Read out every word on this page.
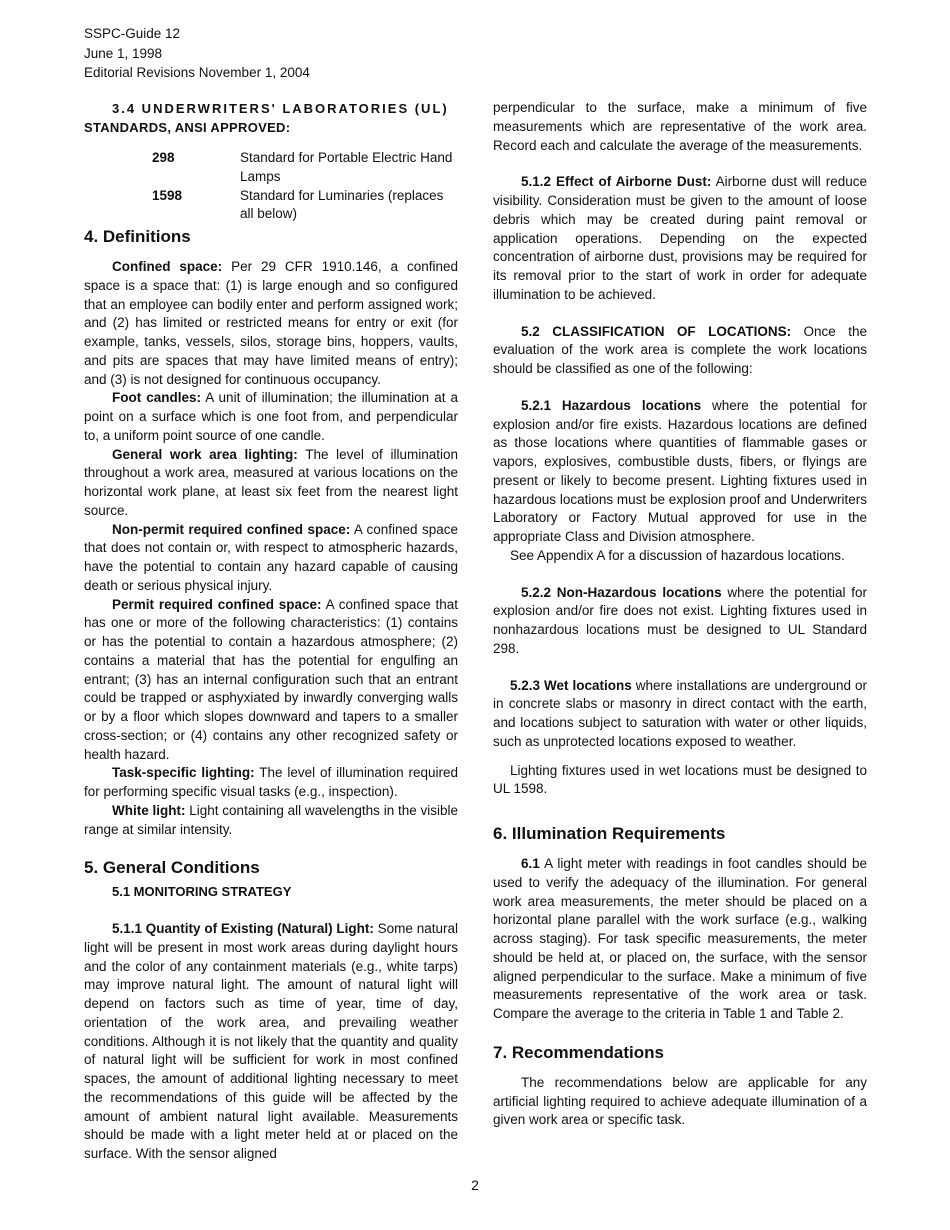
SSPC-Guide 12
June 1, 1998
Editorial Revisions November 1, 2004
3.4 UNDERWRITERS' LABORATORIES (UL)
STANDARDS, ANSI APPROVED:
298	Standard for Portable Electric Hand Lamps
1598	Standard for Luminaries (replaces all below)
4. Definitions

Confined space: Per 29 CFR 1910.146, a confined space is a space that: (1) is large enough and so configured that an employee can bodily enter and perform assigned work; and (2) has limited or restricted means for entry or exit (for example, tanks, vessels, silos, storage bins, hoppers, vaults, and pits are spaces that may have limited means of entry); and (3) is not designed for continuous occupancy.

Foot candles: A unit of illumination; the illumination at a point on a surface which is one foot from, and perpendicular to, a uniform point source of one candle.

General work area lighting: The level of illumination throughout a work area, measured at various locations on the horizontal work plane, at least six feet from the nearest light source.

Non-permit required confined space: A confined space that does not contain or, with respect to atmospheric hazards, have the potential to contain any hazard capable of causing death or serious physical injury.

Permit required confined space: A confined space that has one or more of the following characteristics: (1) contains or has the potential to contain a hazardous atmosphere; (2) contains a material that has the potential for engulfing an entrant; (3) has an internal configuration such that an entrant could be trapped or asphyxiated by inwardly converging walls or by a floor which slopes downward and tapers to a smaller cross-section; or (4) contains any other recognized safety or health hazard.

Task-specific lighting: The level of illumination required for performing specific visual tasks (e.g., inspection).

White light: Light containing all wavelengths in the visible range at similar intensity.

5. General Conditions

5.1 MONITORING STRATEGY

5.1.1 Quantity of Existing (Natural) Light: Some natural light will be present in most work areas during daylight hours and the color of any containment materials (e.g., white tarps) may improve natural light. The amount of natural light will depend on factors such as time of year, time of day, orientation of the work area, and prevailing weather conditions. Although it is not likely that the quantity and quality of natural light will be sufficient for work in most confined spaces, the amount of additional lighting necessary to meet the recommendations of this guide will be affected by the amount of ambient natural light available. Measurements should be made with a light meter held at or placed on the surface. With the sensor aligned

perpendicular to the surface, make a minimum of five measurements which are representative of the work area. Record each and calculate the average of the measurements.

5.1.2 Effect of Airborne Dust: Airborne dust will reduce visibility. Consideration must be given to the amount of loose debris which may be created during paint removal or application operations. Depending on the expected concentration of airborne dust, provisions may be required for its removal prior to the start of work in order for adequate illumination to be achieved.

5.2 CLASSIFICATION OF LOCATIONS: Once the evaluation of the work area is complete the work locations should be classified as one of the following:

5.2.1 Hazardous locations where the potential for explosion and/or fire exists. Hazardous locations are defined as those locations where quantities of flammable gases or vapors, explosives, combustible dusts, fibers, or flyings are present or likely to become present. Lighting fixtures used in hazardous locations must be explosion proof and Underwriters Laboratory or Factory Mutual approved for use in the appropriate Class and Division atmosphere.

See Appendix A for a discussion of hazardous locations.

5.2.2 Non-Hazardous locations where the potential for explosion and/or fire does not exist. Lighting fixtures used in nonhazardous locations must be designed to UL Standard 298.

5.2.3 Wet locations where installations are underground or in concrete slabs or masonry in direct contact with the earth, and locations subject to saturation with water or other liquids, such as unprotected locations exposed to weather.

Lighting fixtures used in wet locations must be designed to UL 1598.

6. Illumination Requirements

6.1 A light meter with readings in foot candles should be used to verify the adequacy of the illumination. For general work area measurements, the meter should be placed on a horizontal plane parallel with the work surface (e.g., walking across staging). For task specific measurements, the meter should be held at, or placed on, the surface, with the sensor aligned perpendicular to the surface. Make a minimum of five measurements representative of the work area or task. Compare the average to the criteria in Table 1 and Table 2.

7. Recommendations

The recommendations below are applicable for any artificial lighting required to achieve adequate illumination of a given work area or specific task.

2
